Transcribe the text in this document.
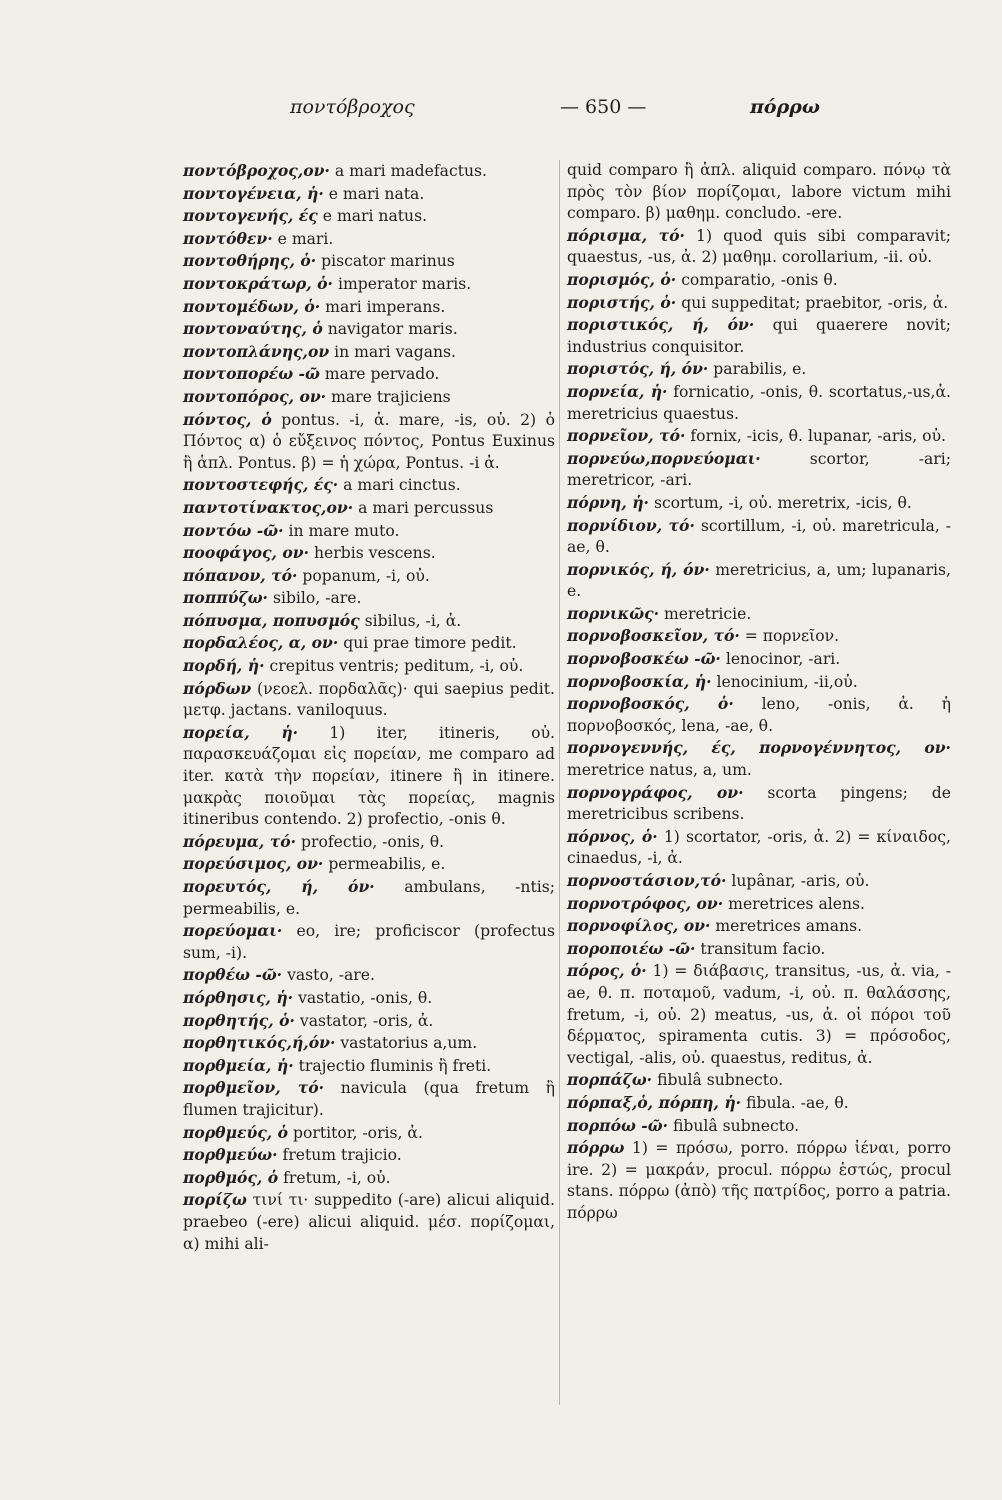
ποντόβροχος	— 650 —	πόρρω

ποντόβροχος,ον· a mari madefactus.

ποντογένεια, ἡ· e mari nata.

ποντογενής, ές e mari natus.

ποντόθεν· e mari.

ποντοθήρης, ὁ· piscator marinus

ποντοκράτωρ, ὁ· imperator maris.

ποντομέδων, ὁ· mari imperans.

ποντοναύτης, ὁ navigator maris.

ποντοπλάνης,ον in mari vagans.

ποντοπορέω -ῶ mare pervado.

ποντοπόρος, ον· mare trajiciens

πόντος, ὁ pontus. -i, ἀ. mare, -is, οὐ. 2) ὁ Πόντος α) ὁ εὔξεινος πόντος, Pontus Euxinus ἢ ἁπλ. Pontus. β) = ἡ χώρα, Pontus. -i ἀ.

ποντοστεφής, ές· a mari cinctus.

παντοτίνακτος,ον· a mari percussus

ποντόω -ῶ· in mare muto.

ποοφάγος, ον· herbis vescens.

πόπανον, τό· popanum, -i, οὐ.

ποππύζω· sibilo, -are.

πόπυσμα, ποπυσμός sibilus, -i, ἀ.

πορδαλέος, α, ον· qui prae timore pedit.

πορδή, ἡ· crepitus ventris; peditum, -i, οὐ.

πόρδων (νεοελ. πορδαλᾶς)· qui saepius pedit. μετφ. jactans. vaniloquus.

πορεία, ἡ· 1) iter, itineris, οὐ. παρασκευάζομαι εἰς πορείαν, me comparo ad iter. κατὰ τὴν πορείαν, itinere ἢ in itinere. μακρὰς ποιοῦμαι τὰς πορείας, magnis itineribus contendo. 2) profectio, -onis θ.

πόρευμα, τό· profectio, -onis, θ.

πορεύσιμος, ον· permeabilis, e.

πορευτός, ή, όν· ambulans, -ntis; permeabilis, e.

πορεύομαι· eo, ire; proficiscor (profectus sum, -i).

πορθέω -ῶ· vasto, -are.

πόρθησις, ἡ· vastatio, -onis, θ.

πορθητής, ὁ· vastator, -oris, ἀ.

πορθητικός,ή,όν· vastatorius a,um.

πορθμεία, ἡ· trajectio fluminis ἢ freti.

πορθμεῖον, τό· navicula (qua fretum ἢ flumen trajicitur).

πορθμεύς, ὁ portitor, -oris, ἀ.

πορθμεύω· fretum trajicio.

πορθμός, ὁ fretum, -i, οὐ.

πορίζω τινί τι· suppedito (-are) alicui aliquid. praebeo (-ere) alicui aliquid. μέσ. πορίζομαι, α) mihi ali-

quid comparo ἢ ἁπλ. aliquid comparo. πόνῳ τὰ πρὸς τὸν βίον πορίζομαι, labore victum mihi comparo. β) μαθημ. concludo. -ere.

πόρισμα, τό· 1) quod quis sibi comparavit; quaestus, -us, ἀ. 2) μαθημ. corollarium, -ii. οὐ.

πορισμός, ὁ· comparatio, -onis θ.

ποριστής, ὁ· qui suppeditat; praebitor, -oris, ἀ.

ποριστικός, ή, όν· qui quaerere novit; industrius conquisitor.

ποριστός, ή, όν· parabilis, e.

πορνεία, ἡ· fornicatio, -onis, θ. scortatus,-us,ἀ. meretricius quaestus.

πορνεῖον, τό· fornix, -icis, θ. lupanar, -aris, οὐ.

πορνεύω,πορνεύομαι·	scortor, -ari; meretricor, -ari.

πόρνη, ἡ· scortum, -i, οὐ. meretrix, -icis, θ.

πορνίδιον, τό· scortillum, -i, οὐ. maretricula, -ae, θ.

πορνικός, ή, όν· meretricius, a, um; lupanaris, e.

πορνικῶς· meretricie.

πορνοβοσκεῖον, τό· = πορνεῖον.

πορνοβοσκέω -ῶ· lenocinor, -ari.

πορνοβοσκία, ἡ· lenocinium, -ii,οὐ.

πορνοβοσκός, ὁ· leno, -onis, ἀ. ἡ πορνοβοσκός, lena, -ae, θ.

πορνογεννής, ές, πορνογέννητος, ον· meretrice natus, a, um.

πορνογράφος, ον· scorta pingens; de meretricibus scribens.

πόρνος, ὁ· 1) scortator, -oris, ἀ. 2) = κίναιδος, cinaedus, -i, ἀ.

πορνοστάσιον,τό· lupânar, -aris, οὐ.

πορνοτρόφος, ον· meretrices alens.

πορνοφίλος, ον· meretrices amans.

πορoποιέω -ῶ· transitum facio.

πόρος, ὁ· 1) = διάβασις, transitus, -us, ἀ. via, -ae, θ. π. ποταμοῦ, vadum, -i, οὐ. π. θαλάσσης, fretum, -i, οὐ. 2) meatus, -us, ἀ. οἱ πόροι τοῦ δέρματος, spiramenta cutis. 3) = πρόσοδος, vectigal, -alis, οὐ. quaestus, reditus, ἀ.

πορπάζω· fibulâ subnecto.

πόρπαξ,ὁ, πόρπη, ἡ· fibula. -ae, θ.

πορπόω -ῶ· fibulâ subnecto.

πόρρω 1) = πρόσω, porro. πόρρω ἰέναι, porro ire. 2) = μακράν, procul. πόρρω ἑστώς, procul stans. πόρρω (ἀπὸ) τῆς πατρίδος, porro a patria. πόρρω
